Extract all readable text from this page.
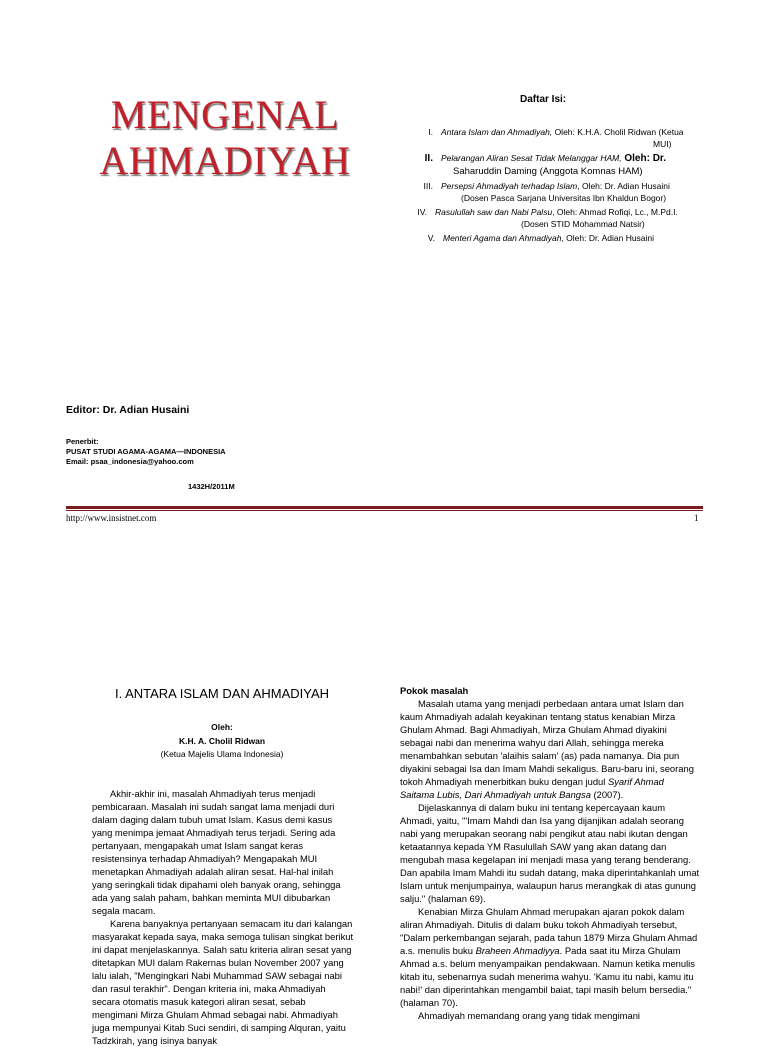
MENGENAL
AHMADIYAH
Daftar Isi:
I. Antara Islam dan Ahmadiyah, Oleh: K.H.A. Cholil Ridwan (Ketua
MUI)
II. Pelarangan Aliran Sesat Tidak Melanggar HAM, Oleh: Dr.
Saharuddin Daming (Anggota Komnas HAM)
III. Persepsi Ahmadiyah terhadap Islam, Oleh: Dr. Adian Husaini
(Dosen Pasca Sarjana Universitas Ibn Khaldun Bogor)
IV. Rasulullah saw dan Nabi Palsu, Oleh: Ahmad Rofiqi, Lc., M.Pd.I.
(Dosen STID Mohammad Natsir)
V. Menteri Agama dan Ahmadiyah, Oleh: Dr. Adian Husaini
Editor: Dr. Adian Husaini
Penerbit:
PUSAT STUDI AGAMA-AGAMA—INDONESIA
Email: psaa_indonesia@yahoo.com
1432H/2011M
http://www.insistnet.com	1
I. ANTARA ISLAM DAN AHMADIYAH
Oleh:
K.H. A. Cholil Ridwan
(Ketua Majelis Ulama Indonesia)

Akhir-akhir ini, masalah Ahmadiyah terus menjadi pembicaraan. Masalah ini sudah sangat lama menjadi duri dalam daging dalam tubuh umat Islam. Kasus demi kasus yang menimpa jemaat Ahmadiyah terus terjadi. Sering ada pertanyaan, mengapakah umat Islam sangat keras resistensinya terhadap Ahmadiyah? Mengapakah MUI menetapkan Ahmadiyah adalah aliran sesat. Hal-hal inilah yang seringkali tidak dipahami oleh banyak orang, sehingga ada yang salah paham, bahkan meminta MUI dibubarkan segala macam.

Karena banyaknya pertanyaan semacam itu dari kalangan masyarakat kepada saya, maka semoga tulisan singkat berikut ini dapat menjelaskannya. Salah satu kriteria aliran sesat yang ditetapkan MUI dalam Rakernas bulan November 2007 yang lalu ialah, "Mengingkari Nabi Muhammad SAW sebagai nabi dan rasul terakhir". Dengan kriteria ini, maka Ahmadiyah secara otomatis masuk kategori aliran sesat, sebab mengimani Mirza Ghulam Ahmad sebagai nabi. Ahmadiyah juga mempunyai Kitab Suci sendiri, di samping Alquran, yaitu Tadzkirah, yang isinya banyak

Pokok masalah

Masalah utama yang menjadi perbedaan antara umat Islam dan kaum Ahmadiyah adalah keyakinan tentang status kenabian Mirza Ghulam Ahmad. Bagi Ahmadiyah, Mirza Ghulam Ahmad diyakini sebagai nabi dan menerima wahyu dari Allah, sehingga mereka menambahkan sebutan 'alaihis salam' (as) pada namanya. Dia pun diyakini sebagai Isa dan Imam Mahdi sekaligus. Baru-baru ini, seorang tokoh Ahmadiyah menerbitkan buku dengan judul Syarif Ahmad Saitama Lubis, Dari Ahmadiyah untuk Bangsa (2007).

Dijelaskannya di dalam buku ini tentang kepercayaan kaum Ahmadi, yaitu, "'Imam Mahdi dan Isa yang dijanjikan adalah seorang nabi yang merupakan seorang nabi pengikut atau nabi ikutan dengan ketaatannya kepada YM Rasulullah SAW yang akan datang dan mengubah masa kegelapan ini menjadi masa yang terang benderang. Dan apabila Imam Mahdi itu sudah datang, maka diperintahkanlah umat Islam untuk menjumpainya, walaupun harus merangkak di atas gunung salju." (halaman 69).

Kenabian Mirza Ghulam Ahmad merupakan ajaran pokok dalam aliran Ahmadiyah. Ditulis di dalam buku tokoh Ahmadiyah tersebut, "Dalam perkembangan sejarah, pada tahun 1879 Mirza Ghulam Ahmad a.s. menulis buku Braheen Ahmadiyya. Pada saat itu Mirza Ghulam Ahmad a.s. belum menyampaikan pendakwaan. Namun ketika menulis kitab itu, sebenarnya sudah menerima wahyu. 'Kamu itu nabi, kamu itu nabi!' dan diperintahkan mengambil baiat, tapi masih belum bersedia." (halaman 70).

Ahmadiyah memandang orang yang tidak mengimani
